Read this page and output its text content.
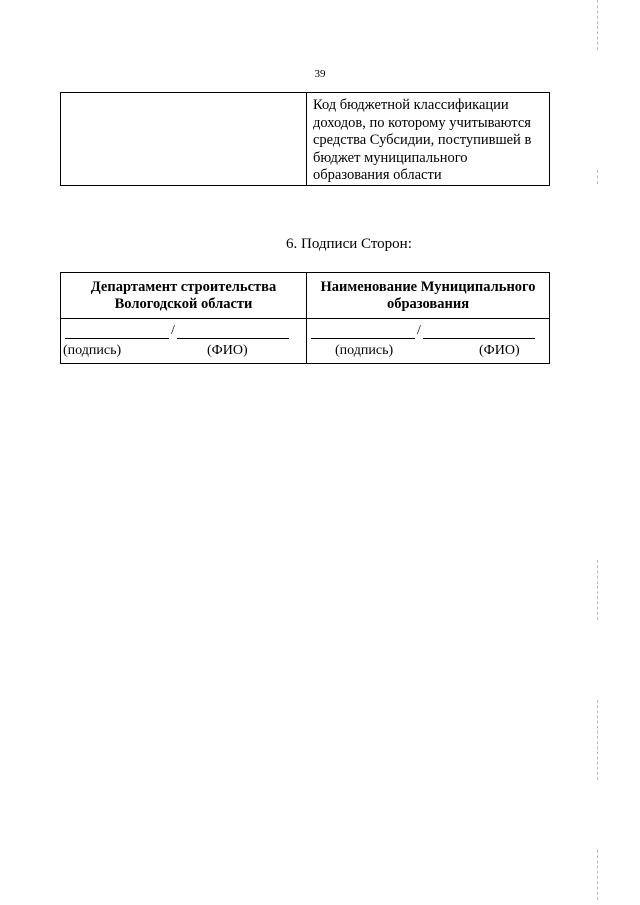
39
Код бюджетной классификации
доходов, по которому учитываются
средства Субсидии, поступившей в
бюджет муниципального
образования области
6. Подписи Сторон:
Департамент строительства
Вологодской области
Наименование Муниципального
образования
/
(подпись)	(ФИО)
/
(подпись)	(ФИО)
